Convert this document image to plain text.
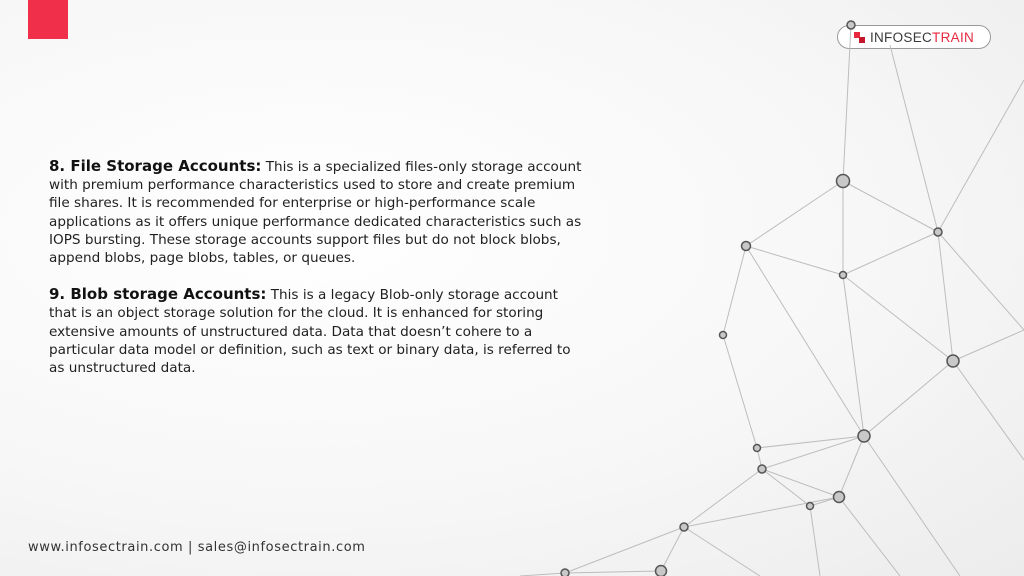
INFOSECTRAIN

8. File Storage Accounts: This is a specialized files-only storage account with premium performance characteristics used to store and create premium file shares. It is recommended for enterprise or high-performance scale applications as it offers unique performance dedicated characteristics such as IOPS bursting. These storage accounts support files but do not block blobs, append blobs, page blobs, tables, or queues.

9. Blob storage Accounts: This is a legacy Blob-only storage account that is an object storage solution for the cloud. It is enhanced for storing extensive amounts of unstructured data. Data that doesn’t cohere to a particular data model or definition, such as text or binary data, is referred to as unstructured data.

www.infosectrain.com | sales@infosectrain.com
